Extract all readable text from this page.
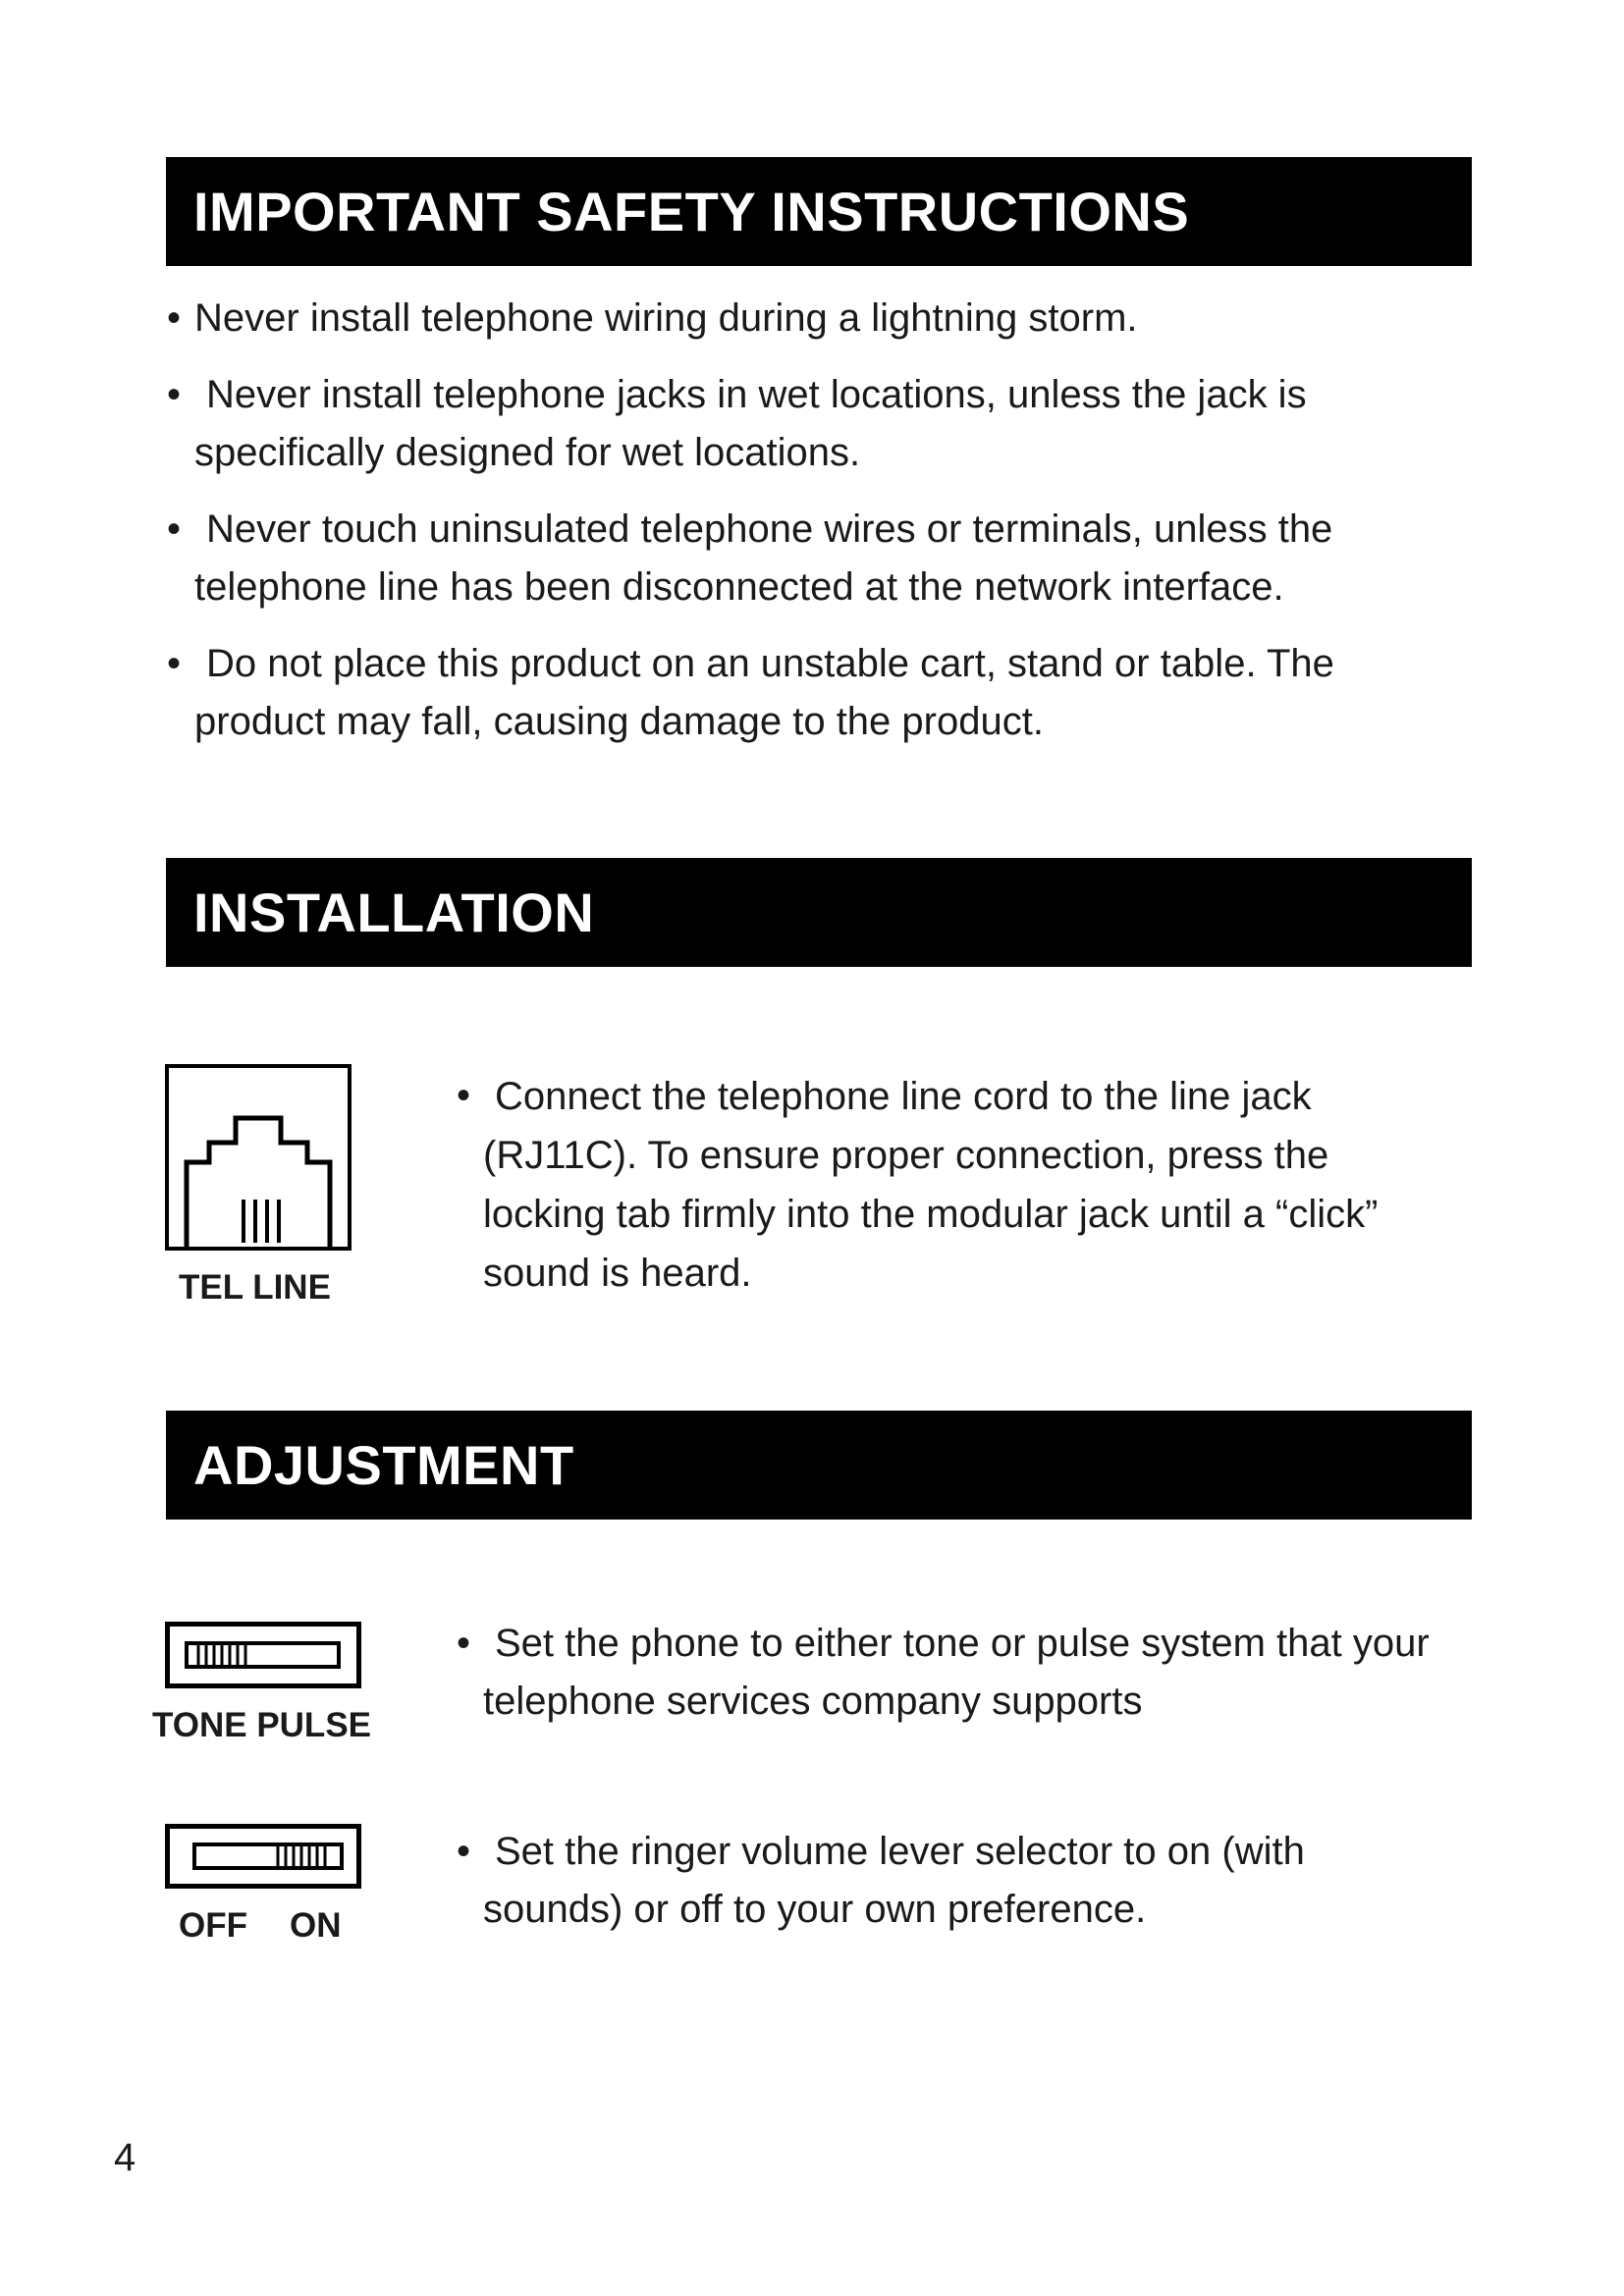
IMPORTANT SAFETY INSTRUCTIONS
• Never install telephone wiring during a lightning storm.
• Never install telephone jacks in wet locations, unless the jack is specifically designed for wet locations.
• Never touch uninsulated telephone wires or terminals, unless the telephone line has been disconnected at the network interface.
• Do not place this product on an unstable cart, stand or table. The product may fall, causing damage to the product.
INSTALLATION
TEL LINE
• Connect the telephone line cord to the line jack (RJ11C). To ensure proper connection, press the locking tab firmly into the modular jack until a “click” sound is heard.
ADJUSTMENT
TONE PULSE
• Set the phone to either tone or pulse system that your telephone services company supports
OFF ON
• Set the ringer volume lever selector to on (with sounds) or off to your own preference.
4
